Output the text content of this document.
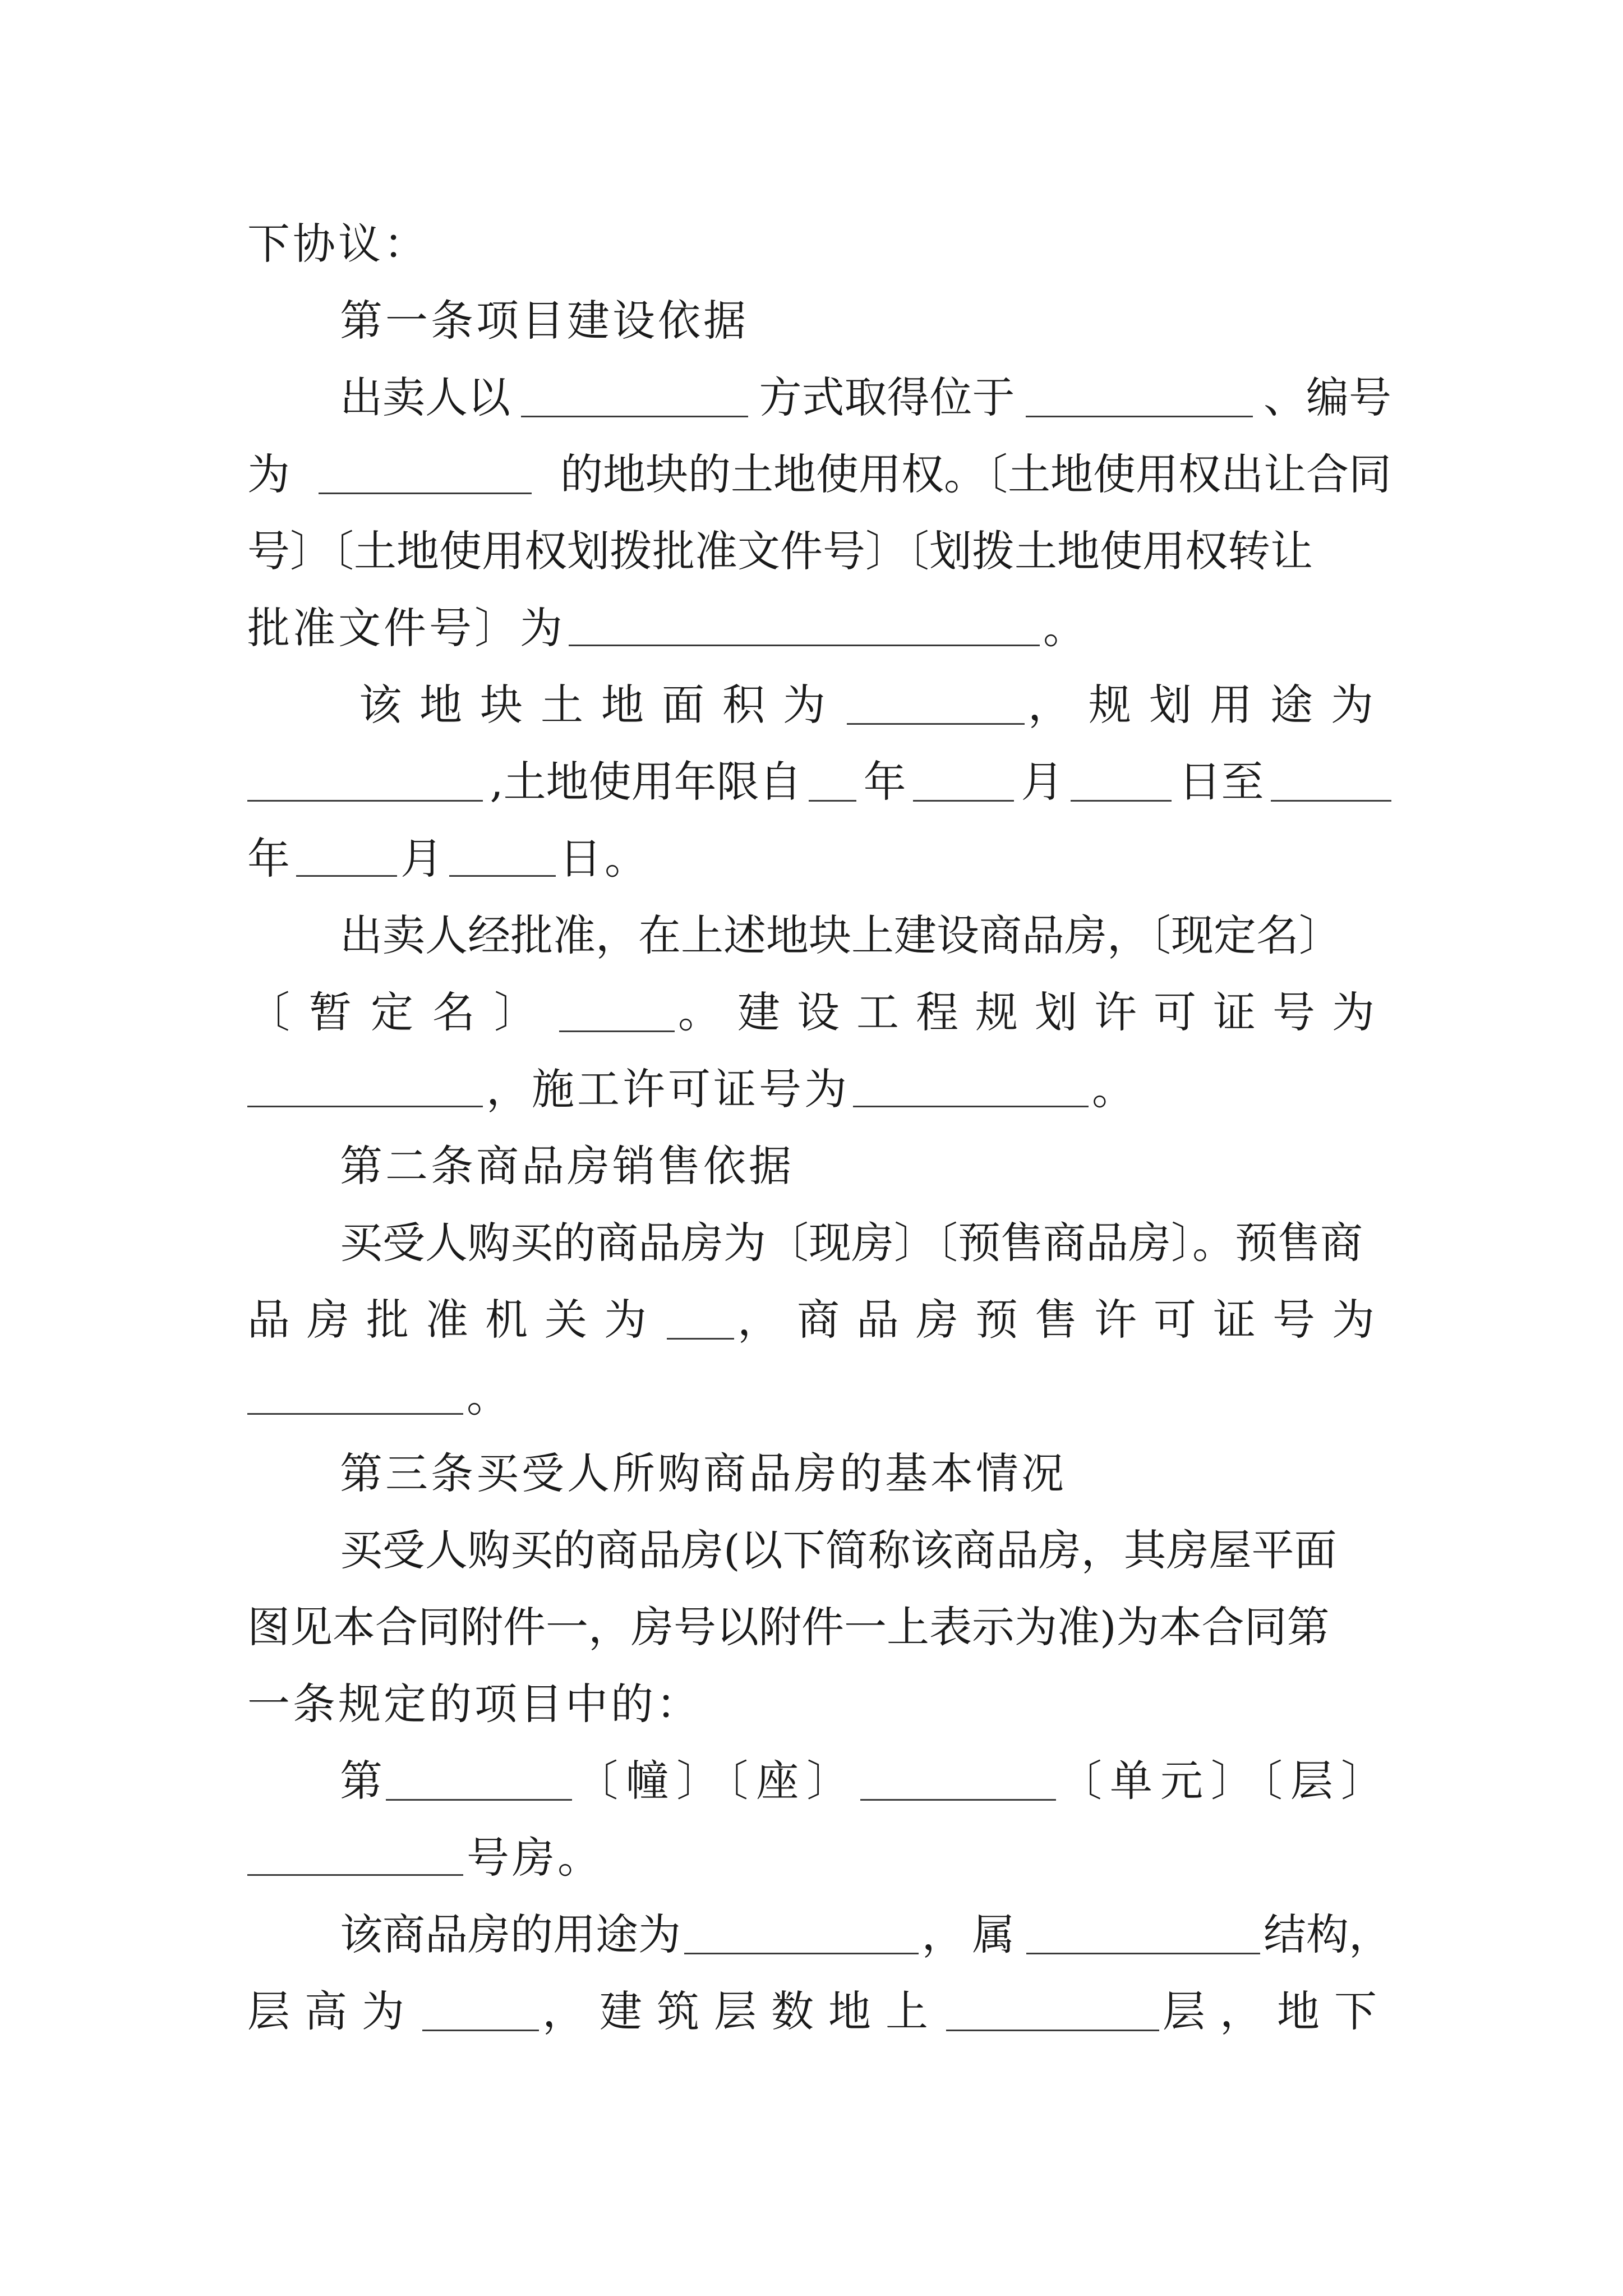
下协议：
第一条项目建设依据
出卖人以	方式取得位于	、编号
为	的地块的土地使用权。〔土地使用权出让合同
号〕〔土地使用权划拨批准文件号〕〔划拨土地使用权转让
批准文件号〕为	。
该地块土地面积为	，规划用途为
,土地使用年限自 年	月	日至
年	月	日。
出卖人经批准，在上述地块上建设商品房，〔现定名〕
〔暂定名〕	。建设工程规划许可证号为
，施工许可证号为	。
第二条商品房销售依据
买受人购买的商品房为〔现房〕〔预售商品房〕。预售商
品房批准机关为 ，商品房预售许可证号为
。
第三条买受人所购商品房的基本情况
买受人购买的商品房(以下简称该商品房，其房屋平面
图见本合同附件一，房号以附件一上表示为准)为本合同第
一条规定的项目中的：
第	〔幢〕〔座〕	〔单元〕〔层〕
号房。
该商品房的用途为	，属	结构，
层高为	，建筑层数地上	层，地下
